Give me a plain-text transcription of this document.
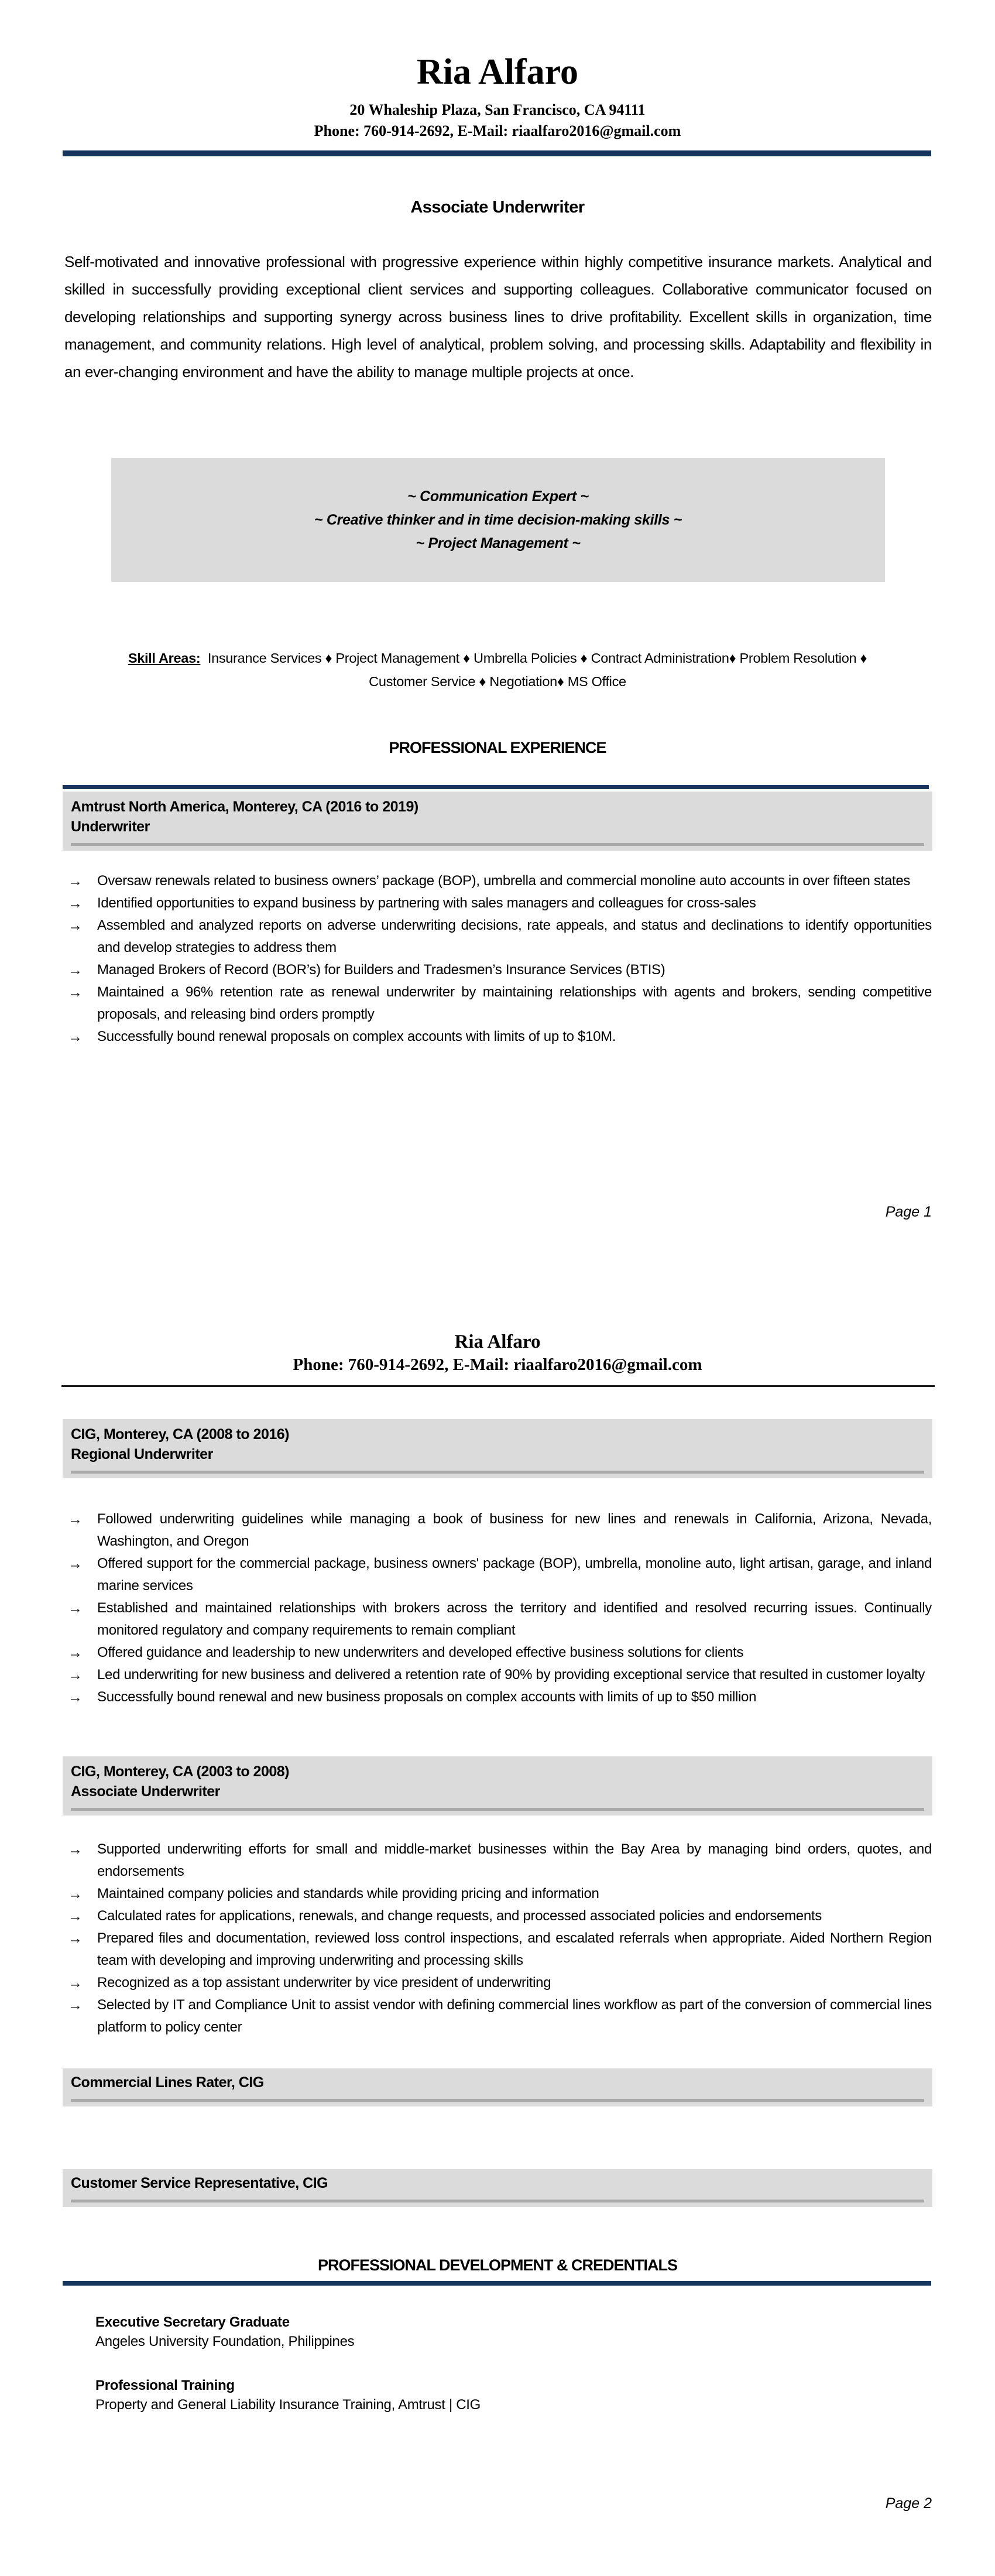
Ria Alfaro
20 Whaleship Plaza, San Francisco, CA 94111
Phone: 760-914-2692, E-Mail: riaalfaro2016@gmail.com
Associate Underwriter

Self-motivated and innovative professional with progressive experience within highly competitive insurance markets. Analytical and skilled in successfully providing exceptional client services and supporting colleagues. Collaborative communicator focused on developing relationships and supporting synergy across business lines to drive profitability. Excellent skills in organization, time management, and community relations. High level of analytical, problem solving, and processing skills. Adaptability and flexibility in an ever-changing environment and have the ability to manage multiple projects at once.

~ Communication Expert ~
~ Creative thinker and in time decision-making skills ~
~ Project Management ~
Skill Areas: Insurance Services ♦ Project Management ♦ Umbrella Policies ♦ Contract Administration♦ Problem Resolution ♦
Customer Service ♦ Negotiation♦ MS Office
PROFESSIONAL EXPERIENCE
Amtrust North America, Monterey, CA (2016 to 2019)
Underwriter
→ Oversaw renewals related to business owners’ package (BOP), umbrella and commercial monoline auto accounts in over fifteen states
→ Identified opportunities to expand business by partnering with sales managers and colleagues for cross-sales
→ Assembled and analyzed reports on adverse underwriting decisions, rate appeals, and status and declinations to identify opportunities and develop strategies to address them
→ Managed Brokers of Record (BOR’s) for Builders and Tradesmen’s Insurance Services (BTIS)
→ Maintained a 96% retention rate as renewal underwriter by maintaining relationships with agents and brokers, sending competitive proposals, and releasing bind orders promptly
→ Successfully bound renewal proposals on complex accounts with limits of up to $10M.
Page 1
Ria Alfaro
Phone: 760-914-2692, E-Mail: riaalfaro2016@gmail.com
CIG, Monterey, CA (2008 to 2016)
Regional Underwriter
→ Followed underwriting guidelines while managing a book of business for new lines and renewals in California, Arizona, Nevada, Washington, and Oregon
→ Offered support for the commercial package, business owners' package (BOP), umbrella, monoline auto, light artisan, garage, and inland marine services
→ Established and maintained relationships with brokers across the territory and identified and resolved recurring issues. Continually monitored regulatory and company requirements to remain compliant
→ Offered guidance and leadership to new underwriters and developed effective business solutions for clients
→ Led underwriting for new business and delivered a retention rate of 90% by providing exceptional service that resulted in customer loyalty
→ Successfully bound renewal and new business proposals on complex accounts with limits of up to $50 million
CIG, Monterey, CA (2003 to 2008)
Associate Underwriter
→ Supported underwriting efforts for small and middle-market businesses within the Bay Area by managing bind orders, quotes, and endorsements
→ Maintained company policies and standards while providing pricing and information
→ Calculated rates for applications, renewals, and change requests, and processed associated policies and endorsements
→ Prepared files and documentation, reviewed loss control inspections, and escalated referrals when appropriate. Aided Northern Region team with developing and improving underwriting and processing skills
→ Recognized as a top assistant underwriter by vice president of underwriting
→ Selected by IT and Compliance Unit to assist vendor with defining commercial lines workflow as part of the conversion of commercial lines platform to policy center
Commercial Lines Rater, CIG
Customer Service Representative, CIG
PROFESSIONAL DEVELOPMENT & CREDENTIALS
Executive Secretary Graduate
Angeles University Foundation, Philippines
Professional Training
Property and General Liability Insurance Training, Amtrust | CIG
Page 2
